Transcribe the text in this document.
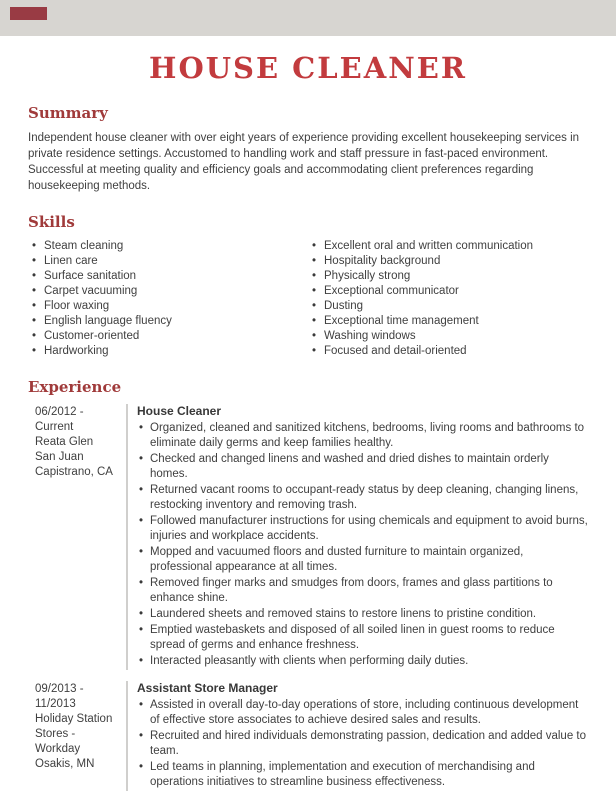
HOUSE CLEANER
Summary

Independent house cleaner with over eight years of experience providing excellent housekeeping services in private residence settings. Accustomed to handling work and staff pressure in fast-paced environment. Successful at meeting quality and efficiency goals and accommodating client preferences regarding housekeeping methods.

Skills
• Steam cleaning
• Linen care
• Surface sanitation
• Carpet vacuuming
• Floor waxing
• English language fluency
• Customer-oriented
• Hardworking
• Excellent oral and written communication
• Hospitality background
• Physically strong
• Exceptional communicator
• Dusting
• Exceptional time management
• Washing windows
• Focused and detail-oriented
Experience
06/2012 - Current
Reata Glen
San Juan Capistrano, CA
House Cleaner
• Organized, cleaned and sanitized kitchens, bedrooms, living rooms and bathrooms to eliminate daily germs and keep families healthy.
• Checked and changed linens and washed and dried dishes to maintain orderly homes.
• Returned vacant rooms to occupant-ready status by deep cleaning, changing linens, restocking inventory and removing trash.
• Followed manufacturer instructions for using chemicals and equipment to avoid burns, injuries and workplace accidents.
• Mopped and vacuumed floors and dusted furniture to maintain organized, professional appearance at all times.
• Removed finger marks and smudges from doors, frames and glass partitions to enhance shine.
• Laundered sheets and removed stains to restore linens to pristine condition.
• Emptied wastebaskets and disposed of all soiled linen in guest rooms to reduce spread of germs and enhance freshness.
• Interacted pleasantly with clients when performing daily duties.
09/2013 - 11/2013
Holiday Station Stores - Workday
Osakis, MN
Assistant Store Manager
• Assisted in overall day-to-day operations of store, including continuous development of effective store associates to achieve desired sales and results.
• Recruited and hired individuals demonstrating passion, dedication and added value to team.
• Led teams in planning, implementation and execution of merchandising and operations initiatives to streamline business effectiveness.
